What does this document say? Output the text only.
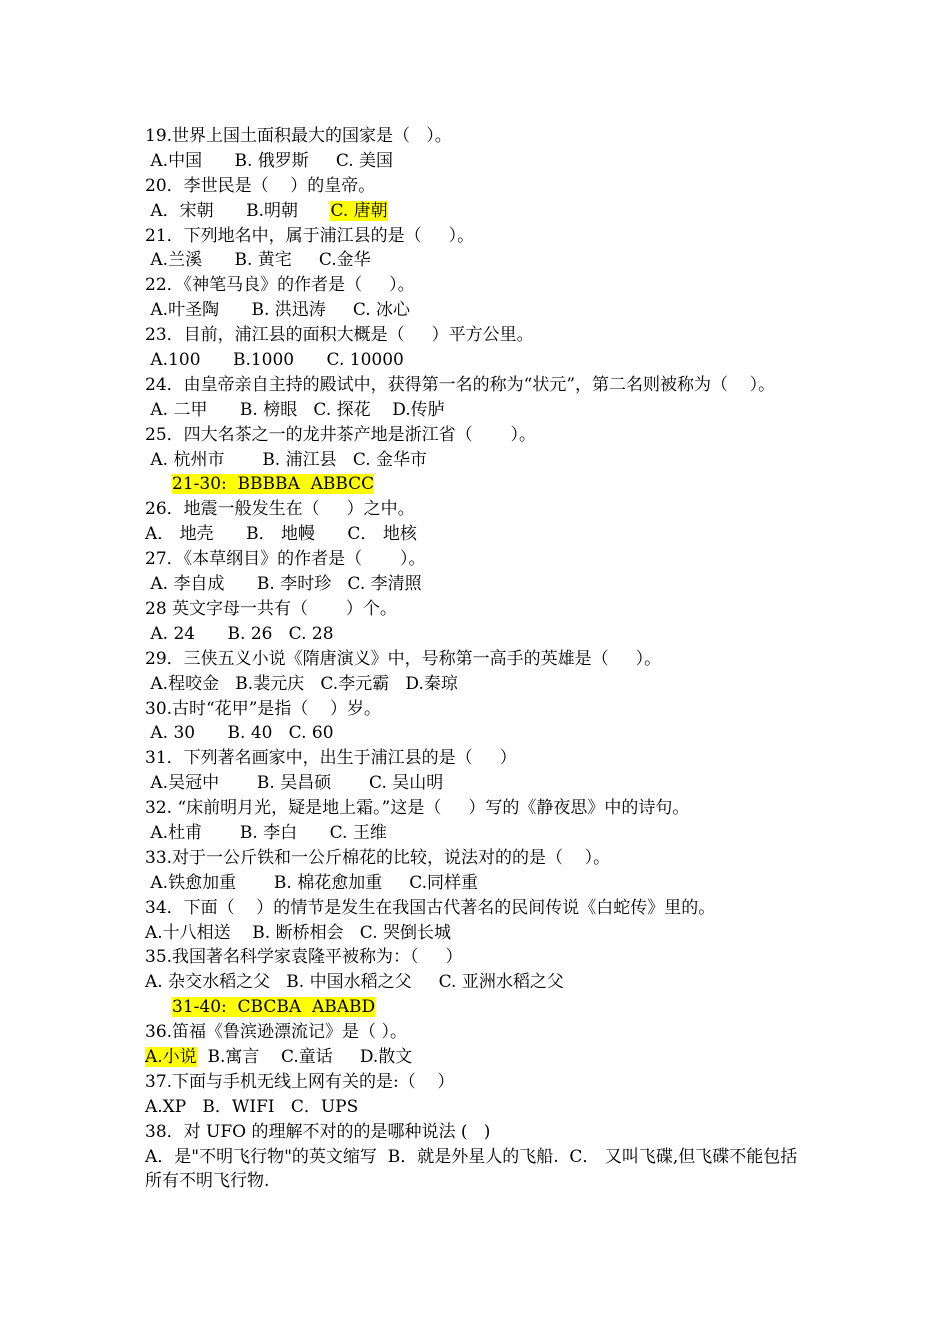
19.世界上国土面积最大的国家是（   ）。
A.中国      B. 俄罗斯     C. 美国
20．李世民是（    ）的皇帝。
A．宋朝      B.明朝      C. 唐朝
21．下列地名中，属于浦江县的是（     ）。
A.兰溪      B. 黄宅     C.金华
22．《神笔马良》的作者是（     ）。
A.叶圣陶      B. 洪迅涛     C. 冰心
23．目前，浦江县的面积大概是（     ）平方公里。
A.100      B.1000      C. 10000
24．由皇帝亲自主持的殿试中，获得第一名的称为“状元”，第二名则被称为（    ）。
A. 二甲      B. 榜眼   C. 探花    D.传胪
25．四大名茶之一的龙井茶产地是浙江省（       ）。
A. 杭州市       B. 浦江县   C. 金华市
21-30:  BBBBA  ABBCC
26．地震一般发生在（     ）之中。
A． 地壳      B． 地幔      C． 地核
27．《本草纲目》的作者是（       ）。
A. 李自成      B. 李时珍   C. 李清照
28 英文字母一共有（       ）个。
A. 24      B. 26   C. 28
29．三侠五义小说《隋唐演义》中，号称第一高手的英雄是（     ）。
A.程咬金   B.裴元庆   C.李元霸   D.秦琼
30.古时“花甲”是指（    ）岁。
A. 30      B. 40   C. 60
31．下列著名画家中，出生于浦江县的是（     ）
A.吴冠中       B. 吴昌硕       C. 吴山明
32. “床前明月光，疑是地上霜。”这是（     ）写的《静夜思》中的诗句。
A.杜甫       B. 李白      C. 王维
33.对于一公斤铁和一公斤棉花的比较，说法对的的是（    ）。
A.铁愈加重       B. 棉花愈加重     C.同样重
34．下面（    ）的情节是发生在我国古代著名的民间传说《白蛇传》里的。
A.十八相送    B. 断桥相会   C. 哭倒长城
35.我国著名科学家袁隆平被称为：（     ）
A. 杂交水稻之父   B. 中国水稻之父     C. 亚洲水稻之父
31-40:  CBCBA  ABABD
36.笛福《鲁滨逊漂流记》是（ ）。
A.小说  B.寓言    C.童话     D.散文
37.下面与手机无线上网有关的是:（    ）
A.XP   B．WIFI   C．UPS
38．对 UFO 的理解不对的的是哪种说法 (   )
A．是"不明飞行物"的英文缩写  B．就是外星人的飞船.  C． 又叫飞碟,但飞碟不能包括所有不明飞行物.
